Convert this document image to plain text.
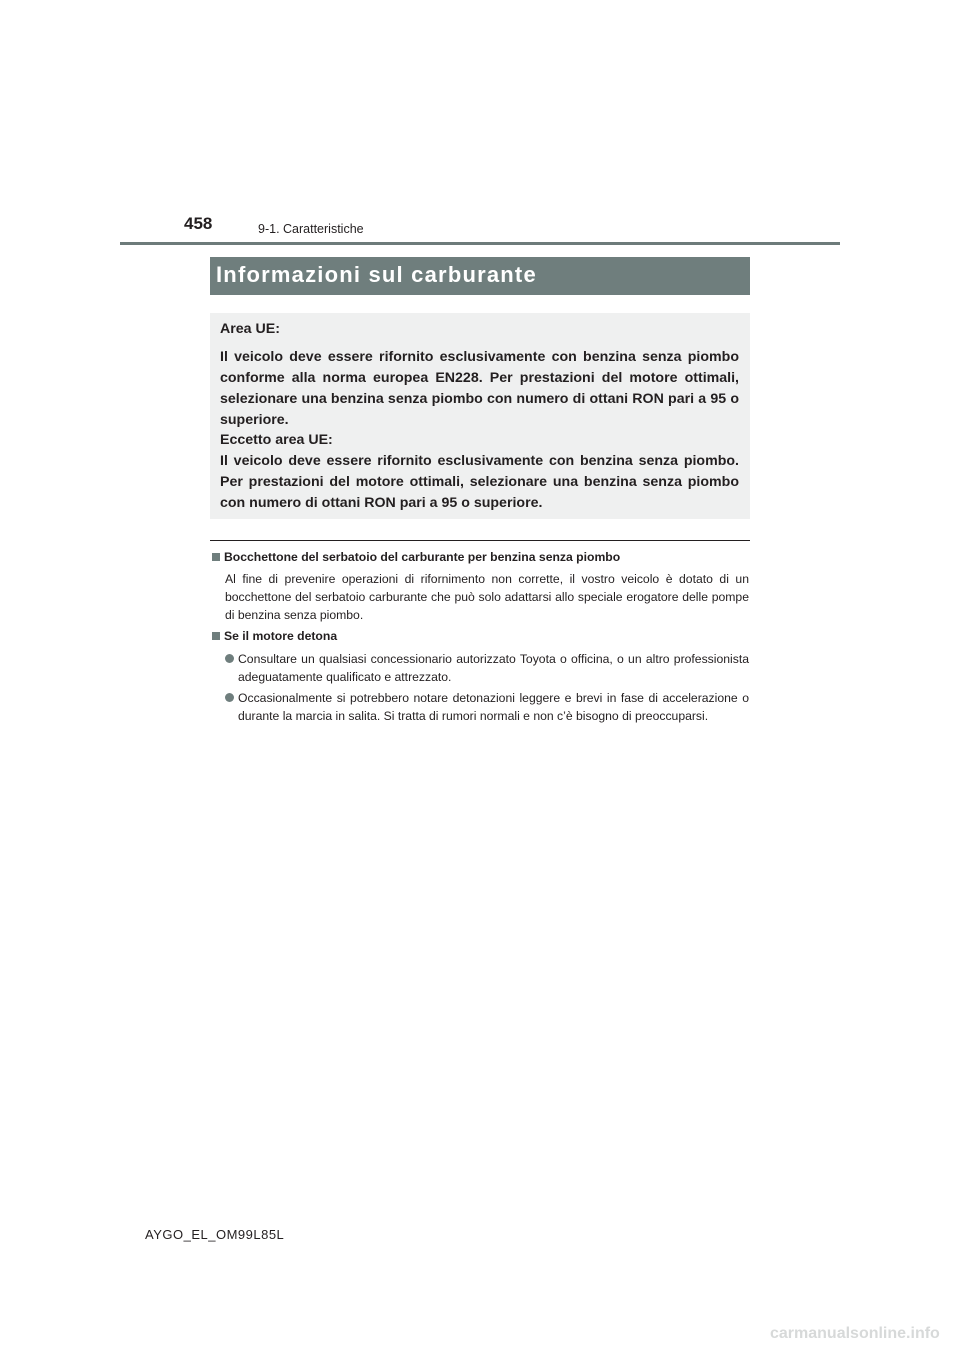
458	9-1. Caratteristiche
Informazioni sul carburante
Area UE:
Il veicolo deve essere rifornito esclusivamente con benzina senza piombo conforme alla norma europea EN228. Per prestazioni del motore ottimali, selezionare una benzina senza piombo con numero di ottani RON pari a 95 o superiore.
Eccetto area UE:
Il veicolo deve essere rifornito esclusivamente con benzina senza piombo. Per prestazioni del motore ottimali, selezionare una benzina senza piombo con numero di ottani RON pari a 95 o superiore.
Bocchettone del serbatoio del carburante per benzina senza piombo
Al fine di prevenire operazioni di rifornimento non corrette, il vostro veicolo è dotato di un bocchettone del serbatoio carburante che può solo adattarsi allo speciale erogatore delle pompe di benzina senza piombo.
Se il motore detona
Consultare un qualsiasi concessionario autorizzato Toyota o officina, o un altro professionista adeguatamente qualificato e attrezzato.
Occasionalmente si potrebbero notare detonazioni leggere e brevi in fase di accelerazione o durante la marcia in salita. Si tratta di rumori normali e non c’è bisogno di preoccuparsi.
AYGO_EL_OM99L85L
carmanualsonline.info
